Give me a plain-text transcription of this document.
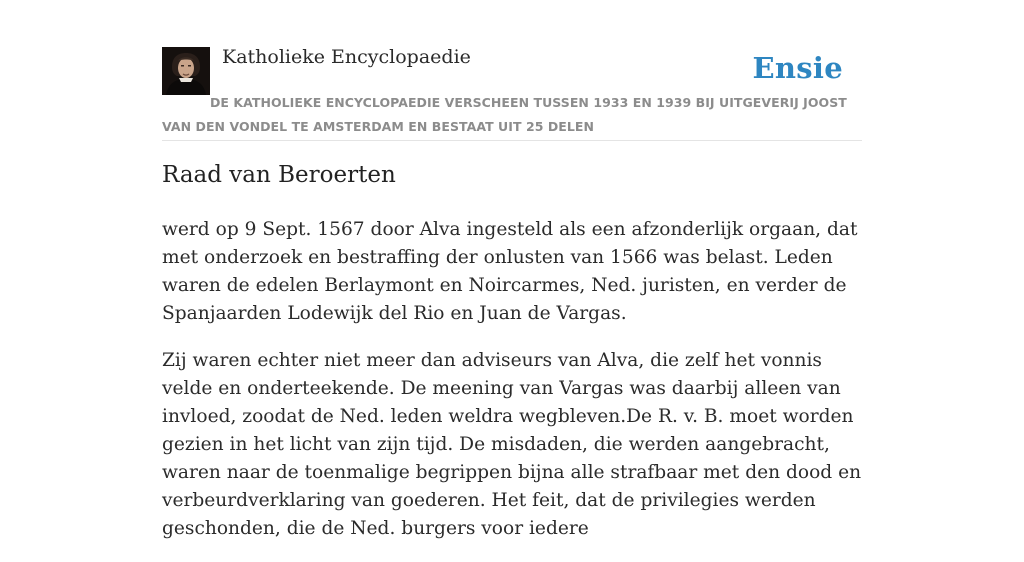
Katholieke Encyclopaedie	Ensie
DE KATHOLIEKE ENCYCLOPAEDIE VERSCHEEN TUSSEN 1933 EN 1939 BIJ UITGEVERIJ JOOST VAN DEN VONDEL TE AMSTERDAM EN BESTAAT UIT 25 DELEN
Raad van Beroerten

werd op 9 Sept. 1567 door Alva ingesteld als een afzonderlijk orgaan, dat met onderzoek en bestraffing der onlusten van 1566 was belast. Leden waren de edelen Berlaymont en Noircarmes, Ned. juristen, en verder de Spanjaarden Lodewijk del Rio en Juan de Vargas.

Zij waren echter niet meer dan adviseurs van Alva, die zelf het vonnis velde en onderteekende. De meening van Vargas was daarbij alleen van invloed, zoodat de Ned. leden weldra wegbleven.De R. v. B. moet worden gezien in het licht van zijn tijd. De misdaden, die werden aangebracht, waren naar de toenmalige begrippen bijna alle strafbaar met den dood en verbeurdverklaring van goederen. Het feit, dat de privilegies werden geschonden, die de Ned. burgers voor iedere
